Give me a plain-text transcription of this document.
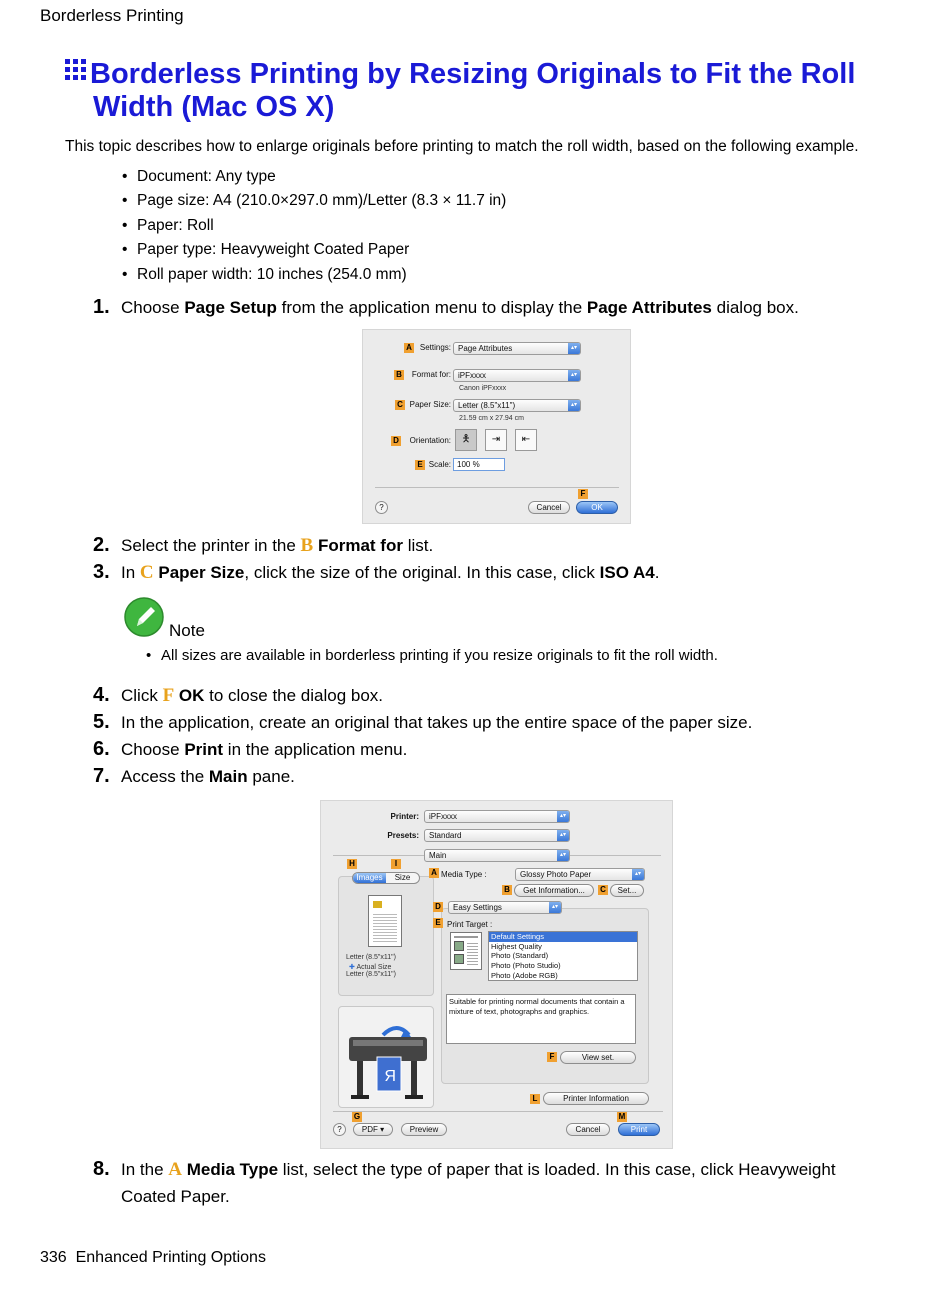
Borderless Printing
Borderless Printing by Resizing Originals to Fit the Roll
Width (Mac OS X)
This topic describes how to enlarge originals before printing to match the roll width, based on the following example.
• Document: Any type
• Page size: A4 (210.0×297.0 mm)/Letter (8.3 × 11.7 in)
• Paper: Roll
• Paper type: Heavyweight Coated Paper
• Roll paper width: 10 inches (254.0 mm)
1. Choose Page Setup from the application menu to display the Page Attributes dialog box.
A Settings: Page Attributes	▴▾
B	Format for: iPFxxxx	▴▾
Canon iPFxxxx
C Paper Size: Letter (8.5"x11")	▴▾
21.59 cm x 27.94 cm
D	Orientation:	🯅	⇥	⇤
E Scale: 100 %
F
?	Cancel	OK
2. Select the printer in the B Format for list.
3. In C Paper Size, click the size of the original. In this case, click ISO A4.
Note
• All sizes are available in borderless printing if you resize originals to fit the roll width.
4. Click F OK to close the dialog box.
5. In the application, create an original that takes up the entire space of the paper size.
6. Choose Print in the application menu.
7. Access the Main pane.
Printer:	iPFxxxx	▴▾
Presets:	Standard	▴▾
Main	▴▾
H	I
Images	Size
Letter (8.5"x11")
✚ Actual Size
Letter (8.5"x11")
R
A Media Type :	Glossy Photo Paper	▴▾
B	Get Information...	C	Set...
D	Easy Settings	▴▾
E Print Target :
Default Settings
Highest Quality
Photo (Standard)
Photo (Photo Studio)
Photo (Adobe RGB)
Suitable for printing normal documents that contain a mixture of text, photographs and graphics.
F	View set.
L	Printer Information
G	M
?	PDF ▾	Preview	Cancel	Print
8. In the A Media Type list, select the type of paper that is loaded. In this case, click Heavyweight
Coated Paper.
336 Enhanced Printing Options
